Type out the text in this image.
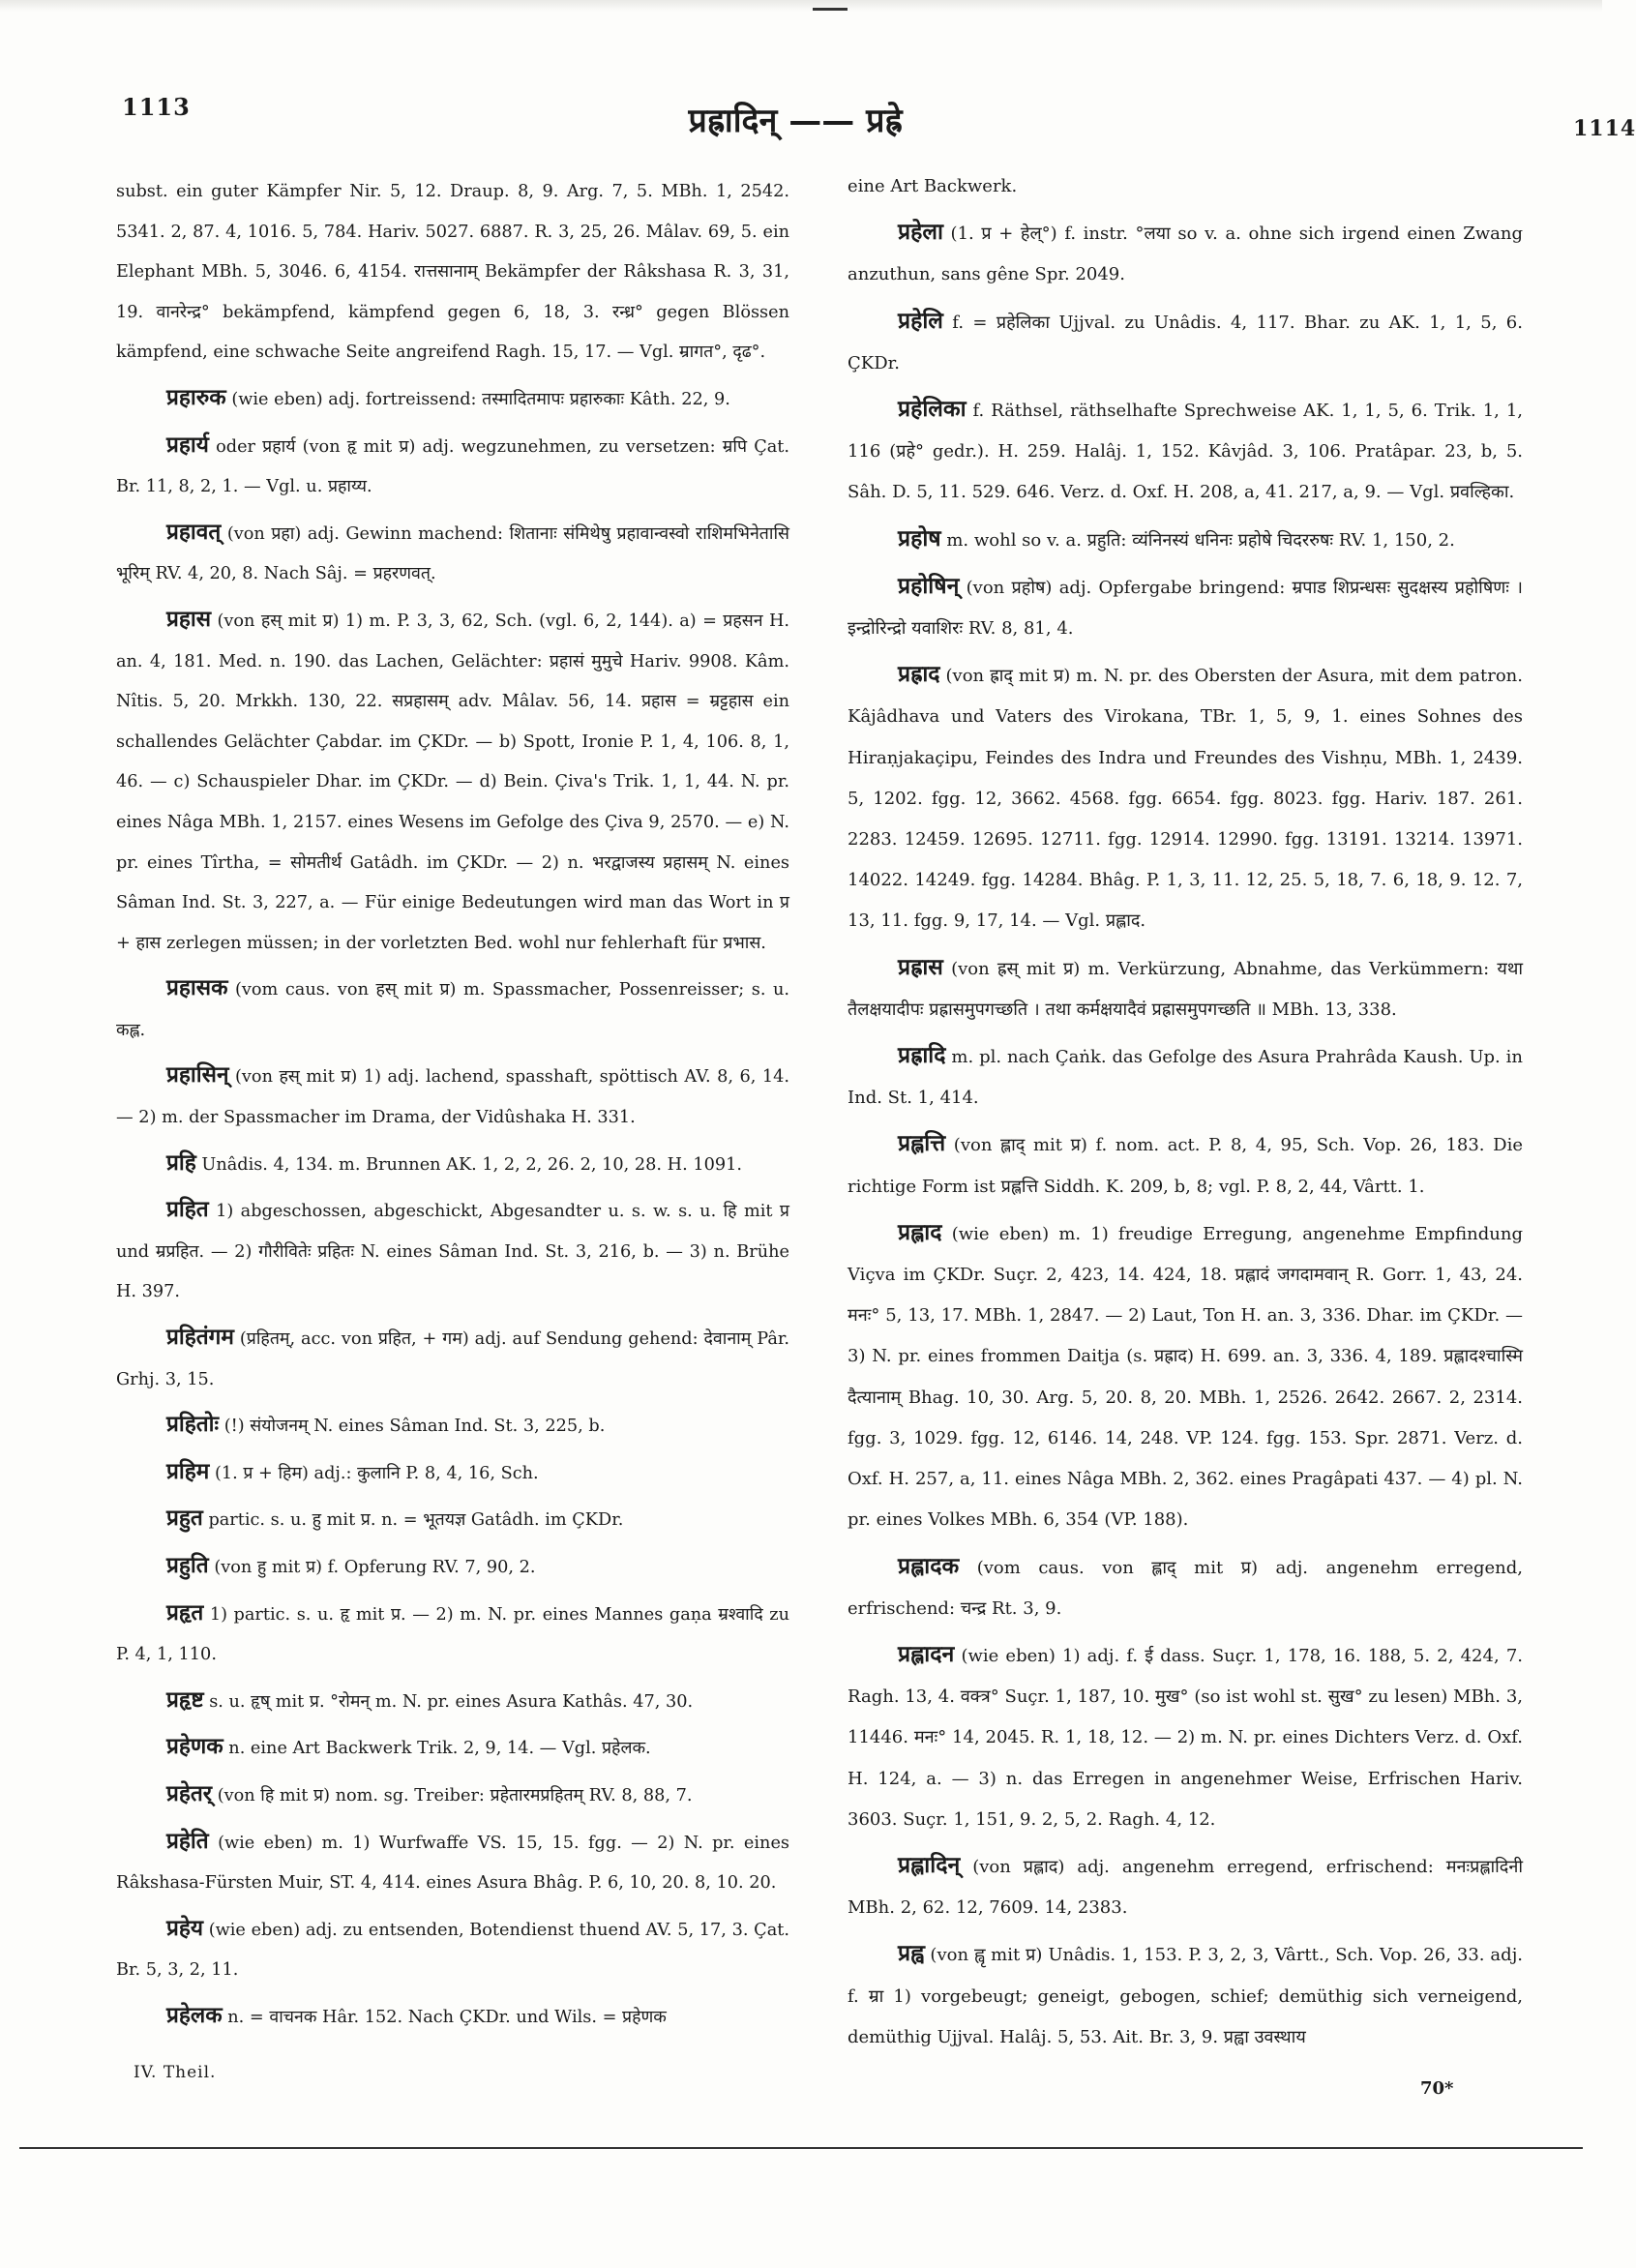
1113	प्रह्रादिन् —— प्रह्रे	1114

subst. ein guter Kämpfer Nir. 5, 12. Draup. 8, 9. Arg. 7, 5. MBh. 1, 2542. 5341. 2, 87. 4, 1016. 5, 784. Hariv. 5027. 6887. R. 3, 25, 26. Mâlav. 69, 5. ein Elephant MBh. 5, 3046. 6, 4154. रात्तसानाम् Bekämpfer der Râkshasa R. 3, 31, 19. वानरेन्द्र° bekämpfend, kämpfend gegen 6, 18, 3. रन्ध्र° gegen Blössen kämpfend, eine schwache Seite angreifend Ragh. 15, 17. — Vgl. म्रागत°, दृढ°.

प्रहारुक (wie eben) adj. fortreissend: तस्मादितमापः प्रहारुकाः Kâth. 22, 9.

प्रहार्य oder प्रहार्य (von हृ mit प्र) adj. wegzunehmen, zu versetzen: म्रपि Çat. Br. 11, 8, 2, 1. — Vgl. u. प्रहाय्य.

प्रहावत् (von प्रहा) adj. Gewinn machend: शितानाः संमिथेषु प्रहावान्वस्वो राशिमभिनेतासि भूरिम् RV. 4, 20, 8. Nach Sâj. = प्रहरणवत्.

प्रहास (von हस् mit प्र) 1) m. P. 3, 3, 62, Sch. (vgl. 6, 2, 144). a) = प्रहसन H. an. 4, 181. Med. n. 190. das Lachen, Gelächter: प्रहासं मुमुचे Hariv. 9908. Kâm. Nîtis. 5, 20. Mrkkh. 130, 22. सप्रहासम् adv. Mâlav. 56, 14. प्रहास = म्रट्टहास ein schallendes Gelächter Çabdar. im ÇKDr. — b) Spott, Ironie P. 1, 4, 106. 8, 1, 46. — c) Schauspieler Dhar. im ÇKDr. — d) Bein. Çiva's Trik. 1, 1, 44. N. pr. eines Nâga MBh. 1, 2157. eines Wesens im Gefolge des Çiva 9, 2570. — e) N. pr. eines Tîrtha, = सोमतीर्थ Gatâdh. im ÇKDr. — 2) n. भरद्वाजस्य प्रहासम् N. eines Sâman Ind. St. 3, 227, a. — Für einige Bedeutungen wird man das Wort in प्र + हास zerlegen müssen; in der vorletzten Bed. wohl nur fehlerhaft für प्रभास.

प्रहासक (vom caus. von हस् mit प्र) m. Spassmacher, Possenreisser; s. u. कह्ल.

प्रहासिन् (von हस् mit प्र) 1) adj. lachend, spasshaft, spöttisch AV. 8, 6, 14. — 2) m. der Spassmacher im Drama, der Vidûshaka H. 331.

प्रहि Unâdis. 4, 134. m. Brunnen AK. 1, 2, 2, 26. 2, 10, 28. H. 1091.

प्रहित 1) abgeschossen, abgeschickt, Abgesandter u. s. w. s. u. हि mit प्र und म्रप्रहित. — 2) गौरीवितेः प्रहितः N. eines Sâman Ind. St. 3, 216, b. — 3) n. Brühe H. 397.

प्रहितंगम (प्रहितम्, acc. von प्रहित, + गम) adj. auf Sendung gehend: देवानाम् Pâr. Grhj. 3, 15.

प्रहितोः (!) संयोजनम् N. eines Sâman Ind. St. 3, 225, b.

प्रहिम (1. प्र + हिम) adj.: कुलानि P. 8, 4, 16, Sch.

प्रहुत partic. s. u. हु mit प्र. n. = भूतयज्ञ Gatâdh. im ÇKDr.

प्रहुति (von हु mit प्र) f. Opferung RV. 7, 90, 2.

प्रहृत 1) partic. s. u. हृ mit प्र. — 2) m. N. pr. eines Mannes gaṇa म्रश्वादि zu P. 4, 1, 110.

प्रहृष्ट s. u. हृष् mit प्र. °रोमन् m. N. pr. eines Asura Kathâs. 47, 30.

प्रहेणक n. eine Art Backwerk Trik. 2, 9, 14. — Vgl. प्रहेलक.

प्रहेतर् (von हि mit प्र) nom. sg. Treiber: प्रहेतारमप्रहितम् RV. 8, 88, 7.

प्रहेति (wie eben) m. 1) Wurfwaffe VS. 15, 15. fgg. — 2) N. pr. eines Râkshasa-Fürsten Muir, ST. 4, 414. eines Asura Bhâg. P. 6, 10, 20. 8, 10. 20.

प्रहेय (wie eben) adj. zu entsenden, Botendienst thuend AV. 5, 17, 3. Çat. Br. 5, 3, 2, 11.

प्रहेलक n. = वाचनक Hâr. 152. Nach ÇKDr. und Wils. = प्रहेणक

eine Art Backwerk.

प्रहेला (1. प्र + हेल्°) f. instr. °लया so v. a. ohne sich irgend einen Zwang anzuthun, sans gêne Spr. 2049.

प्रहेलि f. = प्रहेलिका Ujjval. zu Unâdis. 4, 117. Bhar. zu AK. 1, 1, 5, 6. ÇKDr.

प्रहेलिका f. Räthsel, räthselhafte Sprechweise AK. 1, 1, 5, 6. Trik. 1, 1, 116 (प्रहे° gedr.). H. 259. Halâj. 1, 152. Kâvjâd. 3, 106. Pratâpar. 23, b, 5. Sâh. D. 5, 11. 529. 646. Verz. d. Oxf. H. 208, a, 41. 217, a, 9. — Vgl. प्रवल्हिका.

प्रहोष m. wohl so v. a. प्रहुति: व्यंनिनस्यं धनिनः प्रहोषे चिदररुषः RV. 1, 150, 2.

प्रहोषिन् (von प्रहोष) adj. Opfergabe bringend: म्रपाड शिप्रन्धसः सुदक्षस्य प्रहोषिणः । इन्द्रोरिन्द्रो यवाशिरः RV. 8, 81, 4.

प्रह्राद (von ह्राद् mit प्र) m. N. pr. des Obersten der Asura, mit dem patron. Kâjâdhava und Vaters des Virokana, TBr. 1, 5, 9, 1. eines Sohnes des Hiraṇjakaçipu, Feindes des Indra und Freundes des Vishṇu, MBh. 1, 2439. 5, 1202. fgg. 12, 3662. 4568. fgg. 6654. fgg. 8023. fgg. Hariv. 187. 261. 2283. 12459. 12695. 12711. fgg. 12914. 12990. fgg. 13191. 13214. 13971. 14022. 14249. fgg. 14284. Bhâg. P. 1, 3, 11. 12, 25. 5, 18, 7. 6, 18, 9. 12. 7, 13, 11. fgg. 9, 17, 14. — Vgl. प्रह्लाद.

प्रह्रास (von ह्रस् mit प्र) m. Verkürzung, Abnahme, das Verkümmern: यथा तैलक्षयादीपः प्रह्रासमुपगच्छति । तथा कर्मक्षयादैवं प्रह्रासमुपगच्छति ॥ MBh. 13, 338.

प्रह्रादि m. pl. nach Çaṅk. das Gefolge des Asura Prahrâda Kaush. Up. in Ind. St. 1, 414.

प्रह्लत्ति (von ह्लाद् mit प्र) f. nom. act. P. 8, 4, 95, Sch. Vop. 26, 183. Die richtige Form ist प्रह्लत्ति Siddh. K. 209, b, 8; vgl. P. 8, 2, 44, Vârtt. 1.

प्रह्लाद (wie eben) m. 1) freudige Erregung, angenehme Empfindung Viçva im ÇKDr. Suçr. 2, 423, 14. 424, 18. प्रह्लादं जगदामवान् R. Gorr. 1, 43, 24. मनः° 5, 13, 17. MBh. 1, 2847. — 2) Laut, Ton H. an. 3, 336. Dhar. im ÇKDr. — 3) N. pr. eines frommen Daitja (s. प्रह्राद) H. 699. an. 3, 336. 4, 189. प्रह्लादश्चास्मि दैत्यानाम् Bhag. 10, 30. Arg. 5, 20. 8, 20. MBh. 1, 2526. 2642. 2667. 2, 2314. fgg. 3, 1029. fgg. 12, 6146. 14, 248. VP. 124. fgg. 153. Spr. 2871. Verz. d. Oxf. H. 257, a, 11. eines Nâga MBh. 2, 362. eines Pragâpati 437. — 4) pl. N. pr. eines Volkes MBh. 6, 354 (VP. 188).

प्रह्लादक (vom caus. von ह्लाद् mit प्र) adj. angenehm erregend, erfrischend: चन्द्र Rt. 3, 9.

प्रह्लादन (wie eben) 1) adj. f. ई dass. Suçr. 1, 178, 16. 188, 5. 2, 424, 7. Ragh. 13, 4. वक्त्र° Suçr. 1, 187, 10. मुख° (so ist wohl st. सुख° zu lesen) MBh. 3, 11446. मनः° 14, 2045. R. 1, 18, 12. — 2) m. N. pr. eines Dichters Verz. d. Oxf. H. 124, a. — 3) n. das Erregen in angenehmer Weise, Erfrischen Hariv. 3603. Suçr. 1, 151, 9. 2, 5, 2. Ragh. 4, 12.

प्रह्लादिन् (von प्रह्लाद) adj. angenehm erregend, erfrischend: मनःप्रह्लादिनी MBh. 2, 62. 12, 7609. 14, 2383.

प्रह्व (von ह्वृ mit प्र) Unâdis. 1, 153. P. 3, 2, 3, Vârtt., Sch. Vop. 26, 33. adj. f. म्रा 1) vorgebeugt; geneigt, gebogen, schief; demüthig sich verneigend, demüthig Ujjval. Halâj. 5, 53. Ait. Br. 3, 9. प्रह्वा उवस्थाय

IV. Theil.
70*
